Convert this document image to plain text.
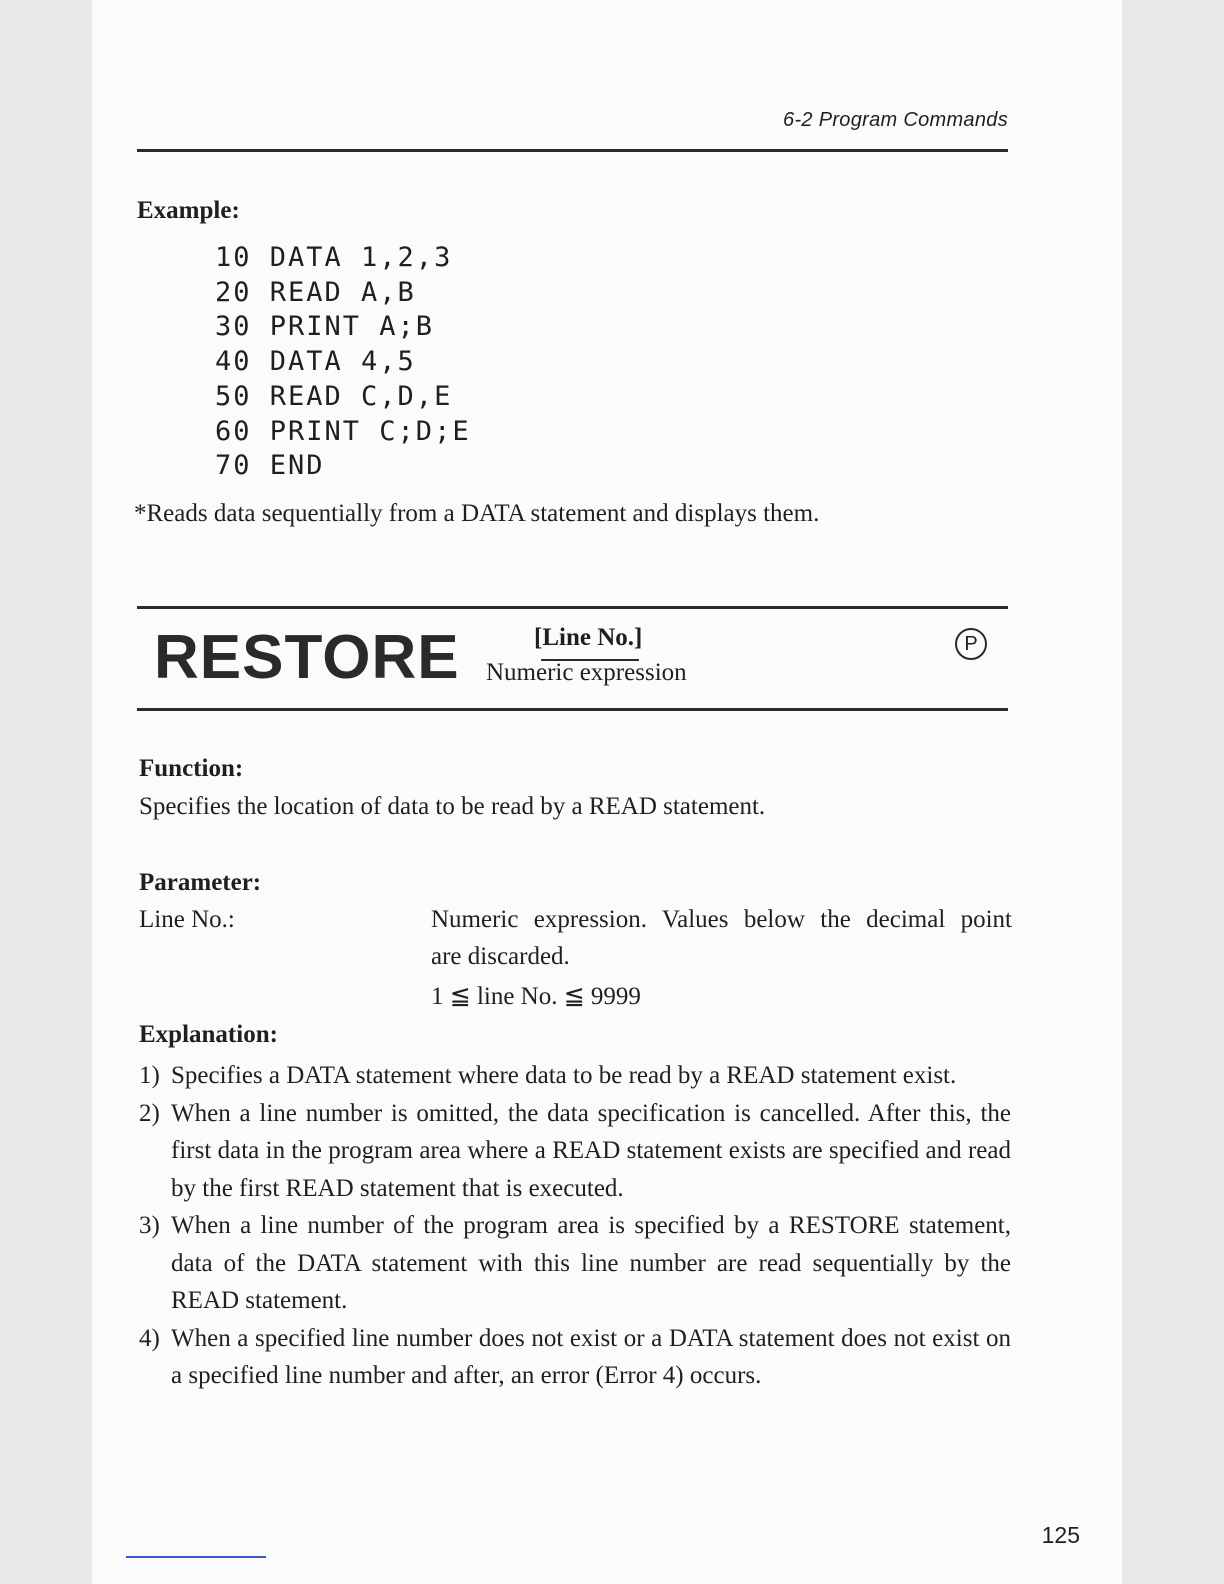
6-2 Program Commands
Example:
10 DATA 1,2,3
20 READ A,B
30 PRINT A;B
40 DATA 4,5
50 READ C,D,E
60 PRINT C;D;E
70 END
*Reads data sequentially from a DATA statement and displays them.
RESTORE	[Line No.]
Numeric expression
P
Function:
Specifies the location of data to be read by a READ statement.
Parameter:
Line No.:	Numeric expression. Values below the decimal point
are discarded.
1 ≦ line No. ≦ 9999
Explanation:
1) Specifies a DATA statement where data to be read by a READ statement exist.
2) When a line number is omitted, the data specification is cancelled. After this, the first data in the program area where a READ statement exists are specified and read by the first READ statement that is executed.
3) When a line number of the program area is specified by a RESTORE statement, data of the DATA statement with this line number are read sequentially by the READ statement.
4) When a specified line number does not exist or a DATA statement does not exist on a specified line number and after, an error (Error 4) occurs.
125
